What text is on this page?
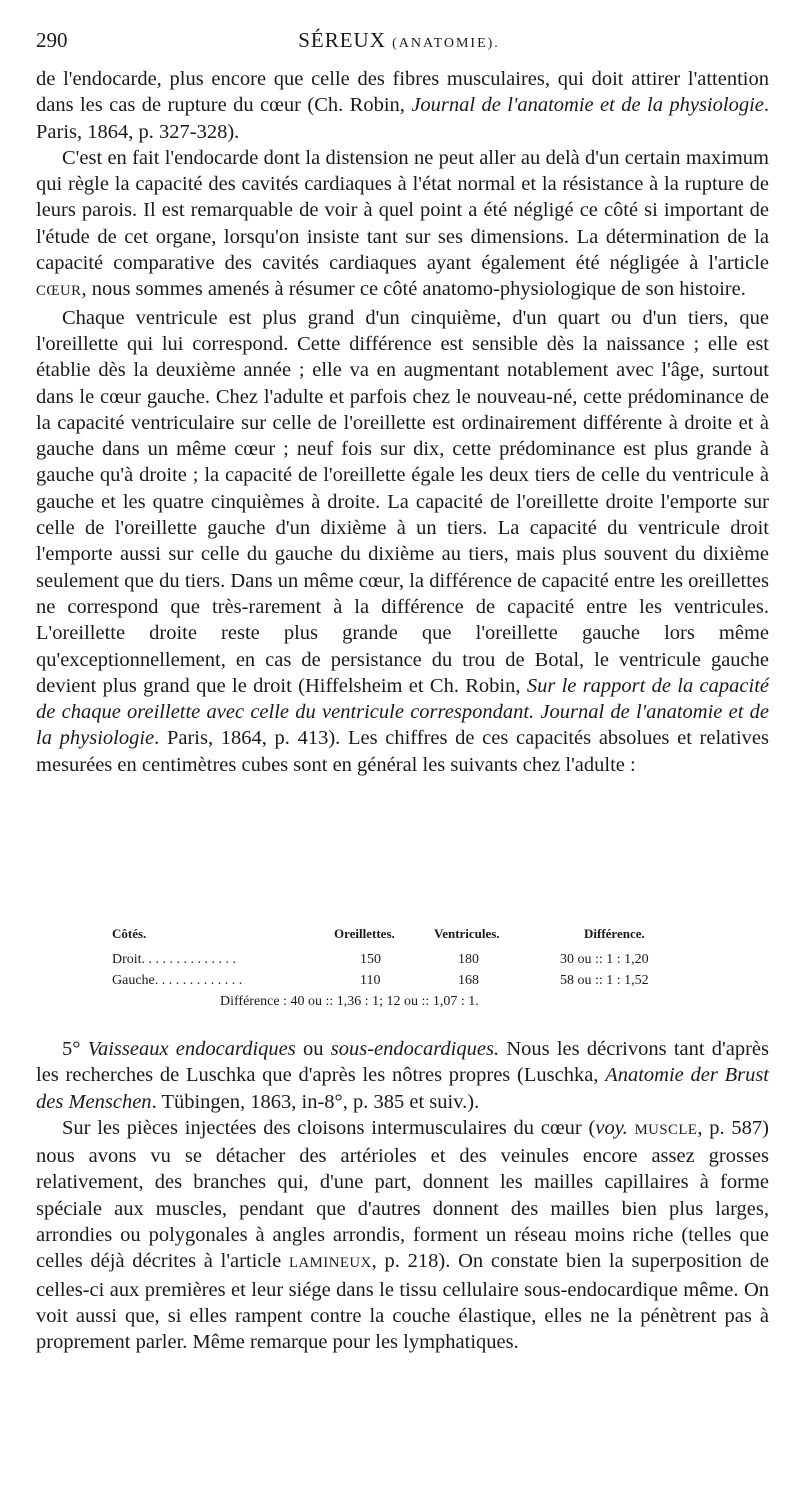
290	SÉREUX (ANATOMIE).

de l'endocarde, plus encore que celle des fibres musculaires, qui doit attirer l'attention dans les cas de rupture du cœur (Ch. Robin, Journal de l'anatomie et de la physiologie. Paris, 1864, p. 327-328).

C'est en fait l'endocarde dont la distension ne peut aller au delà d'un certain maximum qui règle la capacité des cavités cardiaques à l'état normal et la résistance à la rupture de leurs parois. Il est remarquable de voir à quel point a été négligé ce côté si important de l'étude de cet organe, lorsqu'on insiste tant sur ses dimensions. La détermination de la capacité comparative des cavités cardiaques ayant également été négligée à l'article CŒUR, nous sommes amenés à résumer ce côté anatomo-physiologique de son histoire.

Chaque ventricule est plus grand d'un cinquième, d'un quart ou d'un tiers, que l'oreillette qui lui correspond. Cette différence est sensible dès la naissance ; elle est établie dès la deuxième année ; elle va en augmentant notablement avec l'âge, surtout dans le cœur gauche. Chez l'adulte et parfois chez le nouveau-né, cette prédominance de la capacité ventriculaire sur celle de l'oreillette est ordinairement différente à droite et à gauche dans un même cœur ; neuf fois sur dix, cette prédominance est plus grande à gauche qu'à droite ; la capacité de l'oreillette égale les deux tiers de celle du ventricule à gauche et les quatre cinquièmes à droite. La capacité de l'oreillette droite l'emporte sur celle de l'oreillette gauche d'un dixième à un tiers. La capacité du ventricule droit l'emporte aussi sur celle du gauche du dixième au tiers, mais plus souvent du dixième seulement que du tiers. Dans un même cœur, la différence de capacité entre les oreillettes ne correspond que très-rarement à la différence de capacité entre les ventricules. L'oreillette droite reste plus grande que l'oreillette gauche lors même qu'exceptionnellement, en cas de persistance du trou de Botal, le ventricule gauche devient plus grand que le droit (Hiffelsheim et Ch. Robin, Sur le rapport de la capacité de chaque oreillette avec celle du ventricule correspondant. Journal de l'anatomie et de la physiologie. Paris, 1864, p. 413). Les chiffres de ces capacités absolues et relatives mesurées en centimètres cubes sont en général les suivants chez l'adulte :

Côtés.	Oreillettes.	Ventricules.	Différence.
Droit. . . . . . . . . . . . . .	150	180	30 ou :: 1 : 1,20
Gauche. . . . . . . . . . . . .	110	168	58 ou :: 1 : 1,52
Différence : 40 ou :: 1,36 : 1; 12 ou :: 1,07 : 1.

5° Vaisseaux endocardiques ou sous-endocardiques. Nous les décrivons tant d'après les recherches de Luschka que d'après les nôtres propres (Luschka, Anatomie der Brust des Menschen. Tübingen, 1863, in-8°, p. 385 et suiv.).

Sur les pièces injectées des cloisons intermusculaires du cœur (voy. MUSCLE, p. 587) nous avons vu se détacher des artérioles et des veinules encore assez grosses relativement, des branches qui, d'une part, donnent les mailles capillaires à forme spéciale aux muscles, pendant que d'autres donnent des mailles bien plus larges, arrondies ou polygonales à angles arrondis, forment un réseau moins riche (telles que celles déjà décrites à l'article LAMINEUX, p. 218). On constate bien la superposition de celles-ci aux premières et leur siége dans le tissu cellulaire sous-endocardique même. On voit aussi que, si elles rampent contre la couche élastique, elles ne la pénètrent pas à proprement parler. Même remarque pour les lymphatiques.
